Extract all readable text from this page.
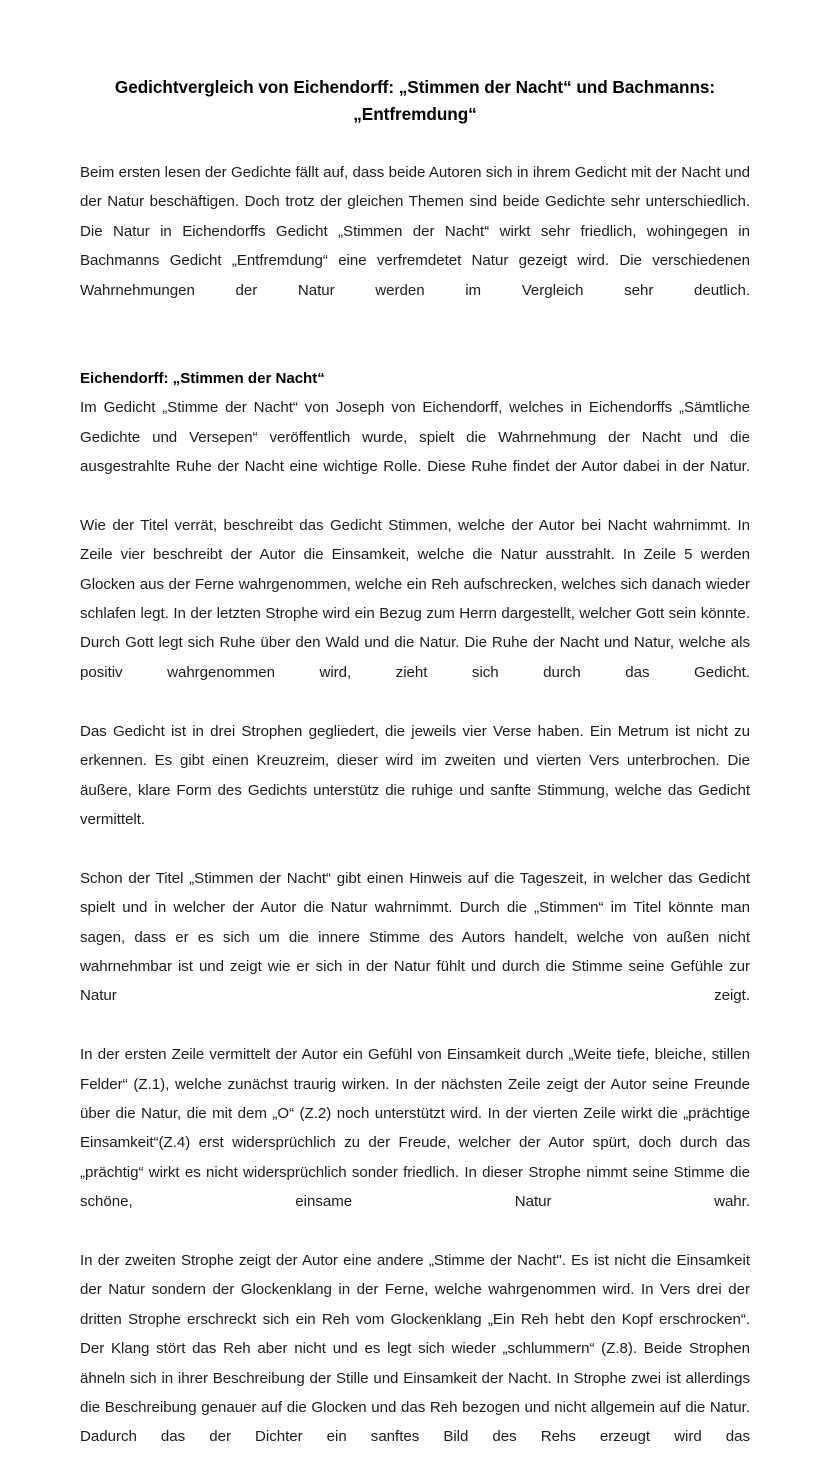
Gedichtvergleich von Eichendorff: „Stimmen der Nacht“ und Bachmanns: „Entfremdung“

Beim ersten lesen der Gedichte fällt auf, dass beide Autoren sich in ihrem Gedicht mit der Nacht und der Natur beschäftigen. Doch trotz der gleichen Themen sind beide Gedichte sehr unterschiedlich. Die Natur in Eichendorffs Gedicht „Stimmen der Nacht“ wirkt sehr friedlich, wohingegen in Bachmanns Gedicht „Entfremdung“ eine verfremdetet Natur gezeigt wird. Die verschiedenen Wahrnehmungen der Natur werden im Vergleich sehr deutlich.

Eichendorff: „Stimmen der Nacht“

Im Gedicht „Stimme der Nacht“ von Joseph von Eichendorff, welches in Eichendorffs „Sämtliche Gedichte und Versepen“ veröffentlich wurde, spielt die Wahrnehmung der Nacht und die ausgestrahlte Ruhe der Nacht eine wichtige Rolle. Diese Ruhe findet der Autor dabei in der Natur.

Wie der Titel verrät, beschreibt das Gedicht Stimmen, welche der Autor bei Nacht wahrnimmt. In Zeile vier beschreibt der Autor die Einsamkeit, welche die Natur ausstrahlt. In Zeile 5 werden Glocken aus der Ferne wahrgenommen, welche ein Reh aufschrecken, welches sich danach wieder schlafen legt. In der letzten Strophe wird ein Bezug zum Herrn dargestellt, welcher Gott sein könnte. Durch Gott legt sich Ruhe über den Wald und die Natur. Die Ruhe der Nacht und Natur, welche als positiv wahrgenommen wird, zieht sich durch das Gedicht.

Das Gedicht ist in drei Strophen gegliedert, die jeweils vier Verse haben. Ein Metrum ist nicht zu erkennen. Es gibt einen Kreuzreim, dieser wird im zweiten und vierten Vers unterbrochen. Die äußere, klare Form des Gedichts unterstütz die ruhige und sanfte Stimmung, welche das Gedicht vermittelt.

Schon der Titel „Stimmen der Nacht“ gibt einen Hinweis auf die Tageszeit, in welcher das Gedicht spielt und in welcher der Autor die Natur wahrnimmt. Durch die „Stimmen“ im Titel könnte man sagen, dass er es sich um die innere Stimme des Autors handelt, welche von außen nicht wahrnehmbar ist und zeigt wie er sich in der Natur fühlt und durch die Stimme seine Gefühle zur Natur zeigt.

In der ersten Zeile vermittelt der Autor ein Gefühl von Einsamkeit durch „Weite tiefe, bleiche, stillen Felder“ (Z.1), welche zunächst traurig wirken. In der nächsten Zeile zeigt der Autor seine Freunde über die Natur, die mit dem „O“ (Z.2) noch unterstützt wird. In der vierten Zeile wirkt die „prächtige Einsamkeit“(Z.4) erst widersprüchlich zu der Freude, welcher der Autor spürt, doch durch das „prächtig“ wirkt es nicht widersprüchlich sonder friedlich. In dieser Strophe nimmt seine Stimme die schöne, einsame Natur wahr.

In der zweiten Strophe zeigt der Autor eine andere „Stimme der Nacht". Es ist nicht die Einsamkeit der Natur sondern der Glockenklang in der Ferne, welche wahrgenommen wird. In Vers drei der dritten Strophe erschreckt sich ein Reh vom Glockenklang „Ein Reh hebt den Kopf erschrocken“. Der Klang stört das Reh aber nicht und es legt sich wieder „schlummern“ (Z.8). Beide Strophen ähneln sich in ihrer Beschreibung der Stille und Einsamkeit der Nacht. In Strophe zwei ist allerdings die Beschreibung genauer auf die Glocken und das Reh bezogen und nicht allgemein auf die Natur. Dadurch das der Dichter ein sanftes Bild des Rehs erzeugt wird das
